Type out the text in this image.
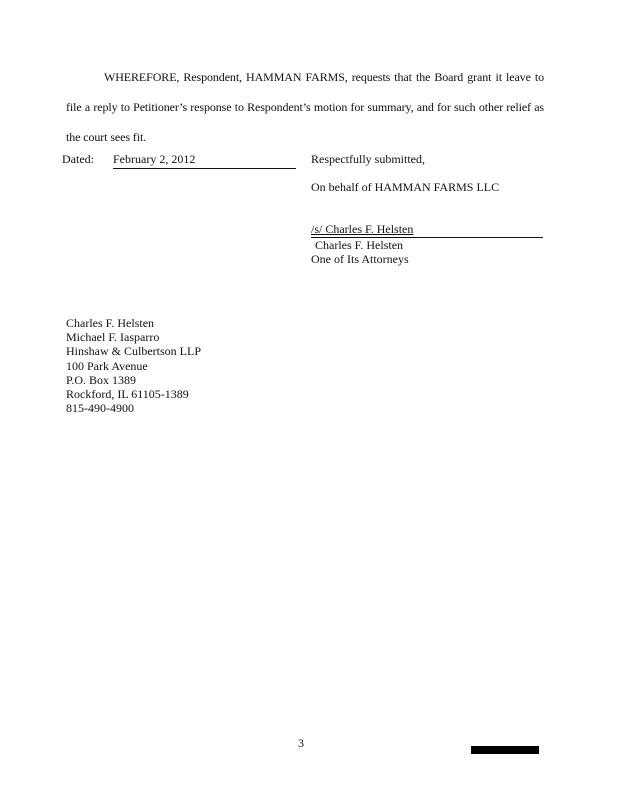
WHEREFORE, Respondent, HAMMAN FARMS, requests that the Board grant it leave to file a reply to Petitioner’s response to Respondent’s motion for summary, and for such other relief as the court sees fit.

Dated: February 2, 2012	Respectfully submitted,
On behalf of HAMMAN FARMS LLC
/s/ Charles F. Helsten
Charles F. Helsten
One of Its Attorneys
Charles F. Helsten
Michael F. Iasparro
Hinshaw & Culbertson LLP
100 Park Avenue
P.O. Box 1389
Rockford, IL 61105-1389
815-490-4900
3
